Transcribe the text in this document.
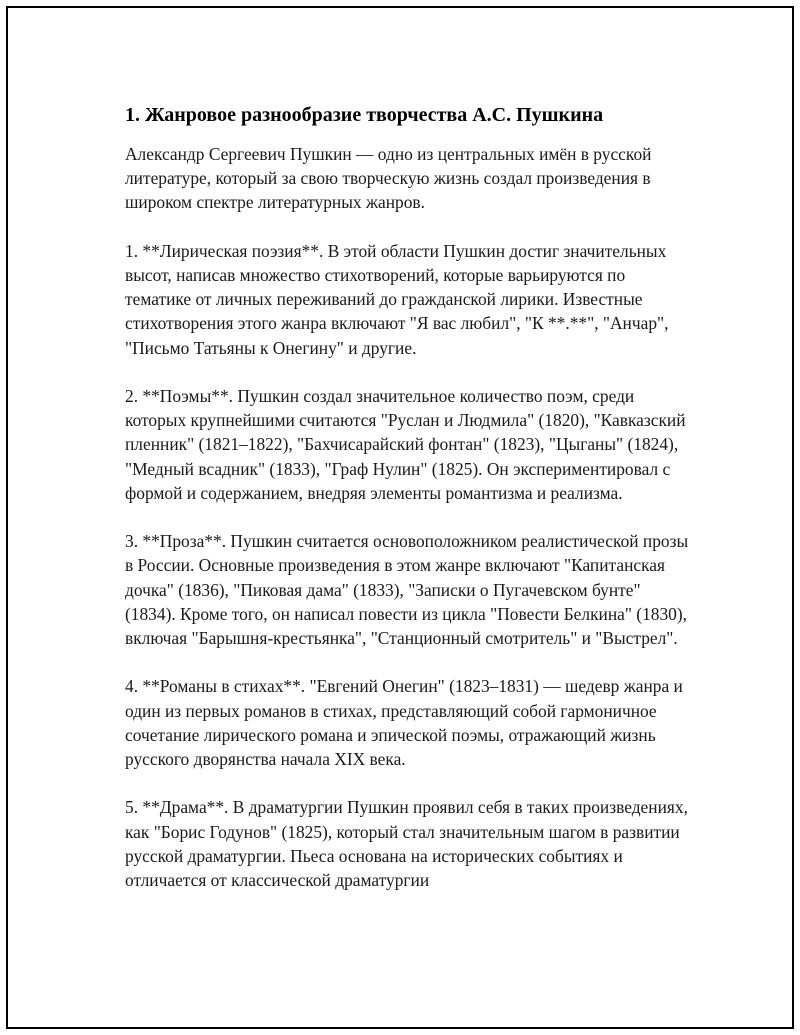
1. Жанровое разнообразие творчества А.С. Пушкина

Александр Сергеевич Пушкин — одно из центральных имён в русской литературе, который за свою творческую жизнь создал произведения в широком спектре литературных жанров.

1. **Лирическая поэзия**. В этой области Пушкин достиг значительных высот, написав множество стихотворений, которые варьируются по тематике от личных переживаний до гражданской лирики. Известные стихотворения этого жанра включают "Я вас любил", "К **.**", "Анчар", "Письмо Татьяны к Онегину" и другие.

2. **Поэмы**. Пушкин создал значительное количество поэм, среди которых крупнейшими считаются "Руслан и Людмила" (1820), "Кавказский пленник" (1821–1822), "Бахчисарайский фонтан" (1823), "Цыганы" (1824), "Медный всадник" (1833), "Граф Нулин" (1825). Он экспериментировал с формой и содержанием, внедряя элементы романтизма и реализма.

3. **Проза**. Пушкин считается основоположником реалистической прозы в России. Основные произведения в этом жанре включают "Капитанская дочка" (1836), "Пиковая дама" (1833), "Записки о Пугачевском бунте" (1834). Кроме того, он написал повести из цикла "Повести Белкина" (1830), включая "Барышня-крестьянка", "Станционный смотритель" и "Выстрел".

4. **Романы в стихах**. "Евгений Онегин" (1823–1831) — шедевр жанра и один из первых романов в стихах, представляющий собой гармоничное сочетание лирического романа и эпической поэмы, отражающий жизнь русского дворянства начала XIX века.

5. **Драма**. В драматургии Пушкин проявил себя в таких произведениях, как "Борис Годунов" (1825), который стал значительным шагом в развитии русской драматургии. Пьеса основана на исторических событиях и отличается от классической драматургии
